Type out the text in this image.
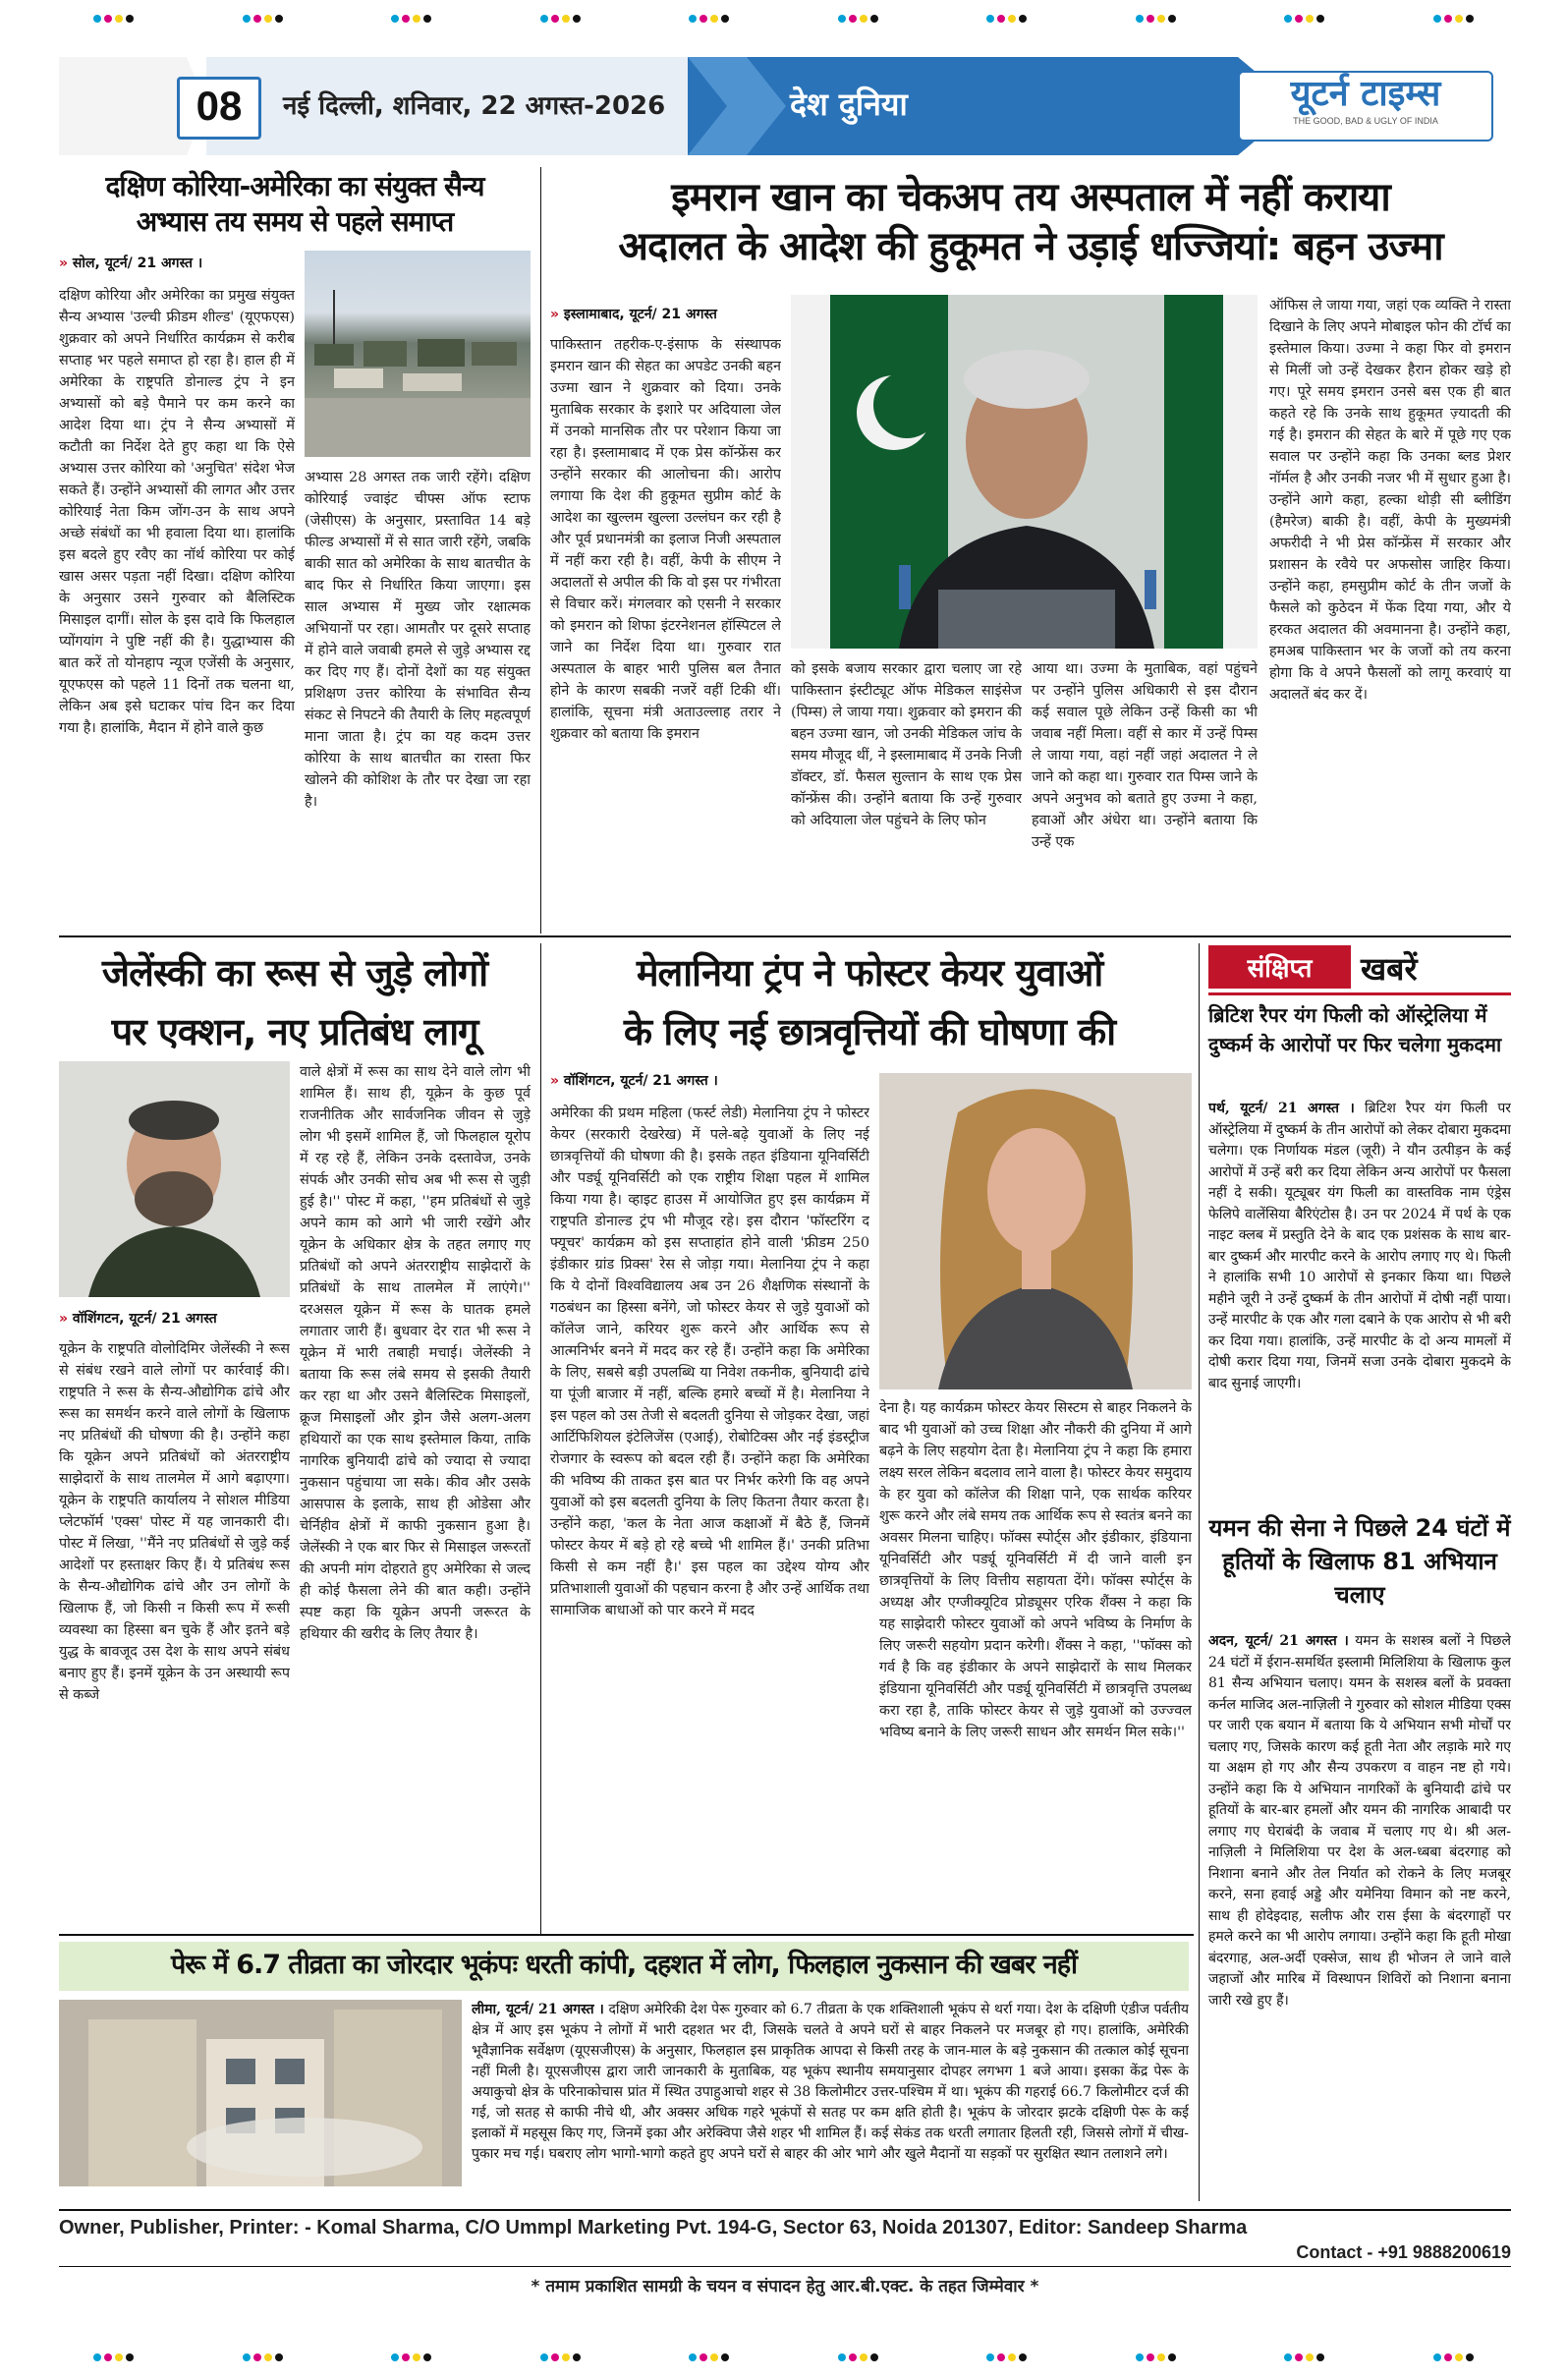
08	नई दिल्ली, शनिवार, 22 अगस्त-2026	देश दुनिया	यूटर्न टाइम्स
THE GOOD, BAD & UGLY OF INDIA
दक्षिण कोरिया-अमेरिका का संयुक्त सैन्य
अभ्यास तय समय से पहले समाप्त
» सोल, यूटर्न/ 21 अगस्त ।
दक्षिण कोरिया और अमेरिका का प्रमुख संयुक्त सैन्य अभ्यास 'उल्ची फ्रीडम शील्ड' (यूएफएस) शुक्रवार को अपने निर्धारित कार्यक्रम से करीब सप्ताह भर पहले समाप्त हो रहा है। हाल ही में अमेरिका के राष्ट्रपति डोनाल्ड ट्रंप ने इन अभ्यासों को बड़े पैमाने पर कम करने का आदेश दिया था। ट्रंप ने सैन्य अभ्यासों में कटौती का निर्देश देते हुए कहा था कि ऐसे अभ्यास उत्तर कोरिया को 'अनुचित' संदेश भेज सकते हैं। उन्होंने अभ्यासों की लागत और उत्तर कोरियाई नेता किम जोंग-उन के साथ अपने अच्छे संबंधों का भी हवाला दिया था। हालांकि इस बदले हुए रवैए का नॉर्थ कोरिया पर कोई खास असर पड़ता नहीं दिखा। दक्षिण कोरिया के अनुसार उसने गुरुवार को बैलिस्टिक मिसाइल दागीं। सोल के इस दावे कि फिलहाल प्योंगयांग ने पुष्टि नहीं की है। युद्धाभ्यास की बात करें तो योनहाप न्यूज एजेंसी के अनुसार, यूएफएस को पहले 11 दिनों तक चलना था, लेकिन अब इसे घटाकर पांच दिन कर दिया गया है। हालांकि, मैदान में होने वाले कुछ
अभ्यास 28 अगस्त तक जारी रहेंगे। दक्षिण कोरियाई ज्वाइंट चीफ्स ऑफ स्टाफ (जेसीएस) के अनुसार, प्रस्तावित 14 बड़े फील्ड अभ्यासों में से सात जारी रहेंगे, जबकि बाकी सात को अमेरिका के साथ बातचीत के बाद फिर से निर्धारित किया जाएगा। इस साल अभ्यास में मुख्य जोर रक्षात्मक अभियानों पर रहा। आमतौर पर दूसरे सप्ताह में होने वाले जवाबी हमले से जुड़े अभ्यास रद्द कर दिए गए हैं। दोनों देशों का यह संयुक्त प्रशिक्षण उत्तर कोरिया के संभावित सैन्य संकट से निपटने की तैयारी के लिए महत्वपूर्ण माना जाता है। ट्रंप का यह कदम उत्तर कोरिया के साथ बातचीत का रास्ता फिर खोलने की कोशिश के तौर पर देखा जा रहा है।
इमरान खान का चेकअप तय अस्पताल में नहीं कराया
अदालत के आदेश की हुकूमत ने उड़ाई धज्जियां: बहन उज्मा
» इस्लामाबाद, यूटर्न/ 21 अगस्त
पाकिस्तान तहरीक-ए-इंसाफ के संस्थापक इमरान खान की सेहत का अपडेट उनकी बहन उज्मा खान ने शुक्रवार को दिया। उनके मुताबिक सरकार के इशारे पर अदियाला जेल में उनको मानसिक तौर पर परेशान किया जा रहा है। इस्लामाबाद में एक प्रेस कॉन्फ्रेंस कर उन्होंने सरकार की आलोचना की। आरोप लगाया कि देश की हुकूमत सुप्रीम कोर्ट के आदेश का खुल्लम खुल्ला उल्लंघन कर रही है और पूर्व प्रधानमंत्री का इलाज निजी अस्पताल में नहीं करा रही है। वहीं, केपी के सीएम ने अदालतों से अपील की कि वो इस पर गंभीरता से विचार करें। मंगलवार को एसनी ने सरकार को इमरान को शिफा इंटरनेशनल हॉस्पिटल ले जाने का निर्देश दिया था। गुरुवार रात अस्पताल के बाहर भारी पुलिस बल तैनात होने के कारण सबकी नजरें वहीं टिकी थीं। हालांकि, सूचना मंत्री अताउल्लाह तरार ने शुक्रवार को बताया कि इमरान
को इसके बजाय सरकार द्वारा चलाए जा रहे पाकिस्तान इंस्टीट्यूट ऑफ मेडिकल साइंसेज (पिम्स) ले जाया गया। शुक्रवार को इमरान की बहन उज्मा खान, जो उनकी मेडिकल जांच के समय मौजूद थीं, ने इस्लामाबाद में उनके निजी डॉक्टर, डॉ. फैसल सुल्तान के साथ एक प्रेस कॉन्फ्रेंस की। उन्होंने बताया कि उन्हें गुरुवार को अदियाला जेल पहुंचने के लिए फोन
आया था। उज्मा के मुताबिक, वहां पहुंचने पर उन्होंने पुलिस अधिकारी से इस दौरान कई सवाल पूछे लेकिन उन्हें किसी का भी जवाब नहीं मिला। वहीं से कार में उन्हें पिम्स ले जाया गया, वहां नहीं जहां अदालत ने ले जाने को कहा था। गुरुवार रात पिम्स जाने के अपने अनुभव को बताते हुए उज्मा ने कहा, हवाओं और अंधेरा था। उन्होंने बताया कि उन्हें एक
ऑफिस ले जाया गया, जहां एक व्यक्ति ने रास्ता दिखाने के लिए अपने मोबाइल फोन की टॉर्च का इस्तेमाल किया। उज्मा ने कहा फिर वो इमरान से मिलीं जो उन्हें देखकर हैरान होकर खड़े हो गए। पूरे समय इमरान उनसे बस एक ही बात कहते रहे कि उनके साथ हुकूमत ज़्यादती की गई है। इमरान की सेहत के बारे में पूछे गए एक सवाल पर उन्होंने कहा कि उनका ब्लड प्रेशर नॉर्मल है और उनकी नजर भी में सुधार हुआ है। उन्होंने आगे कहा, हल्का थोड़ी सी ब्लीडिंग (हैमरेज) बाकी है। वहीं, केपी के मुख्यमंत्री अफरीदी ने भी प्रेस कॉन्फ्रेंस में सरकार और प्रशासन के रवैये पर अफसोस जाहिर किया। उन्होंने कहा, हमसुप्रीम कोर्ट के तीन जजों के फैसले को कुठेदन में फेंक दिया गया, और ये हरकत अदालत की अवमानना है। उन्होंने कहा, हमअब पाकिस्तान भर के जजों को तय करना होगा कि वे अपने फैसलों को लागू करवाएं या अदालतें बंद कर दें।
जेलेंस्की का रूस से जुड़े लोगों
पर एक्शन, नए प्रतिबंध लागू
» वॉशिंगटन, यूटर्न/ 21 अगस्त
यूक्रेन के राष्ट्रपति वोलोदिमिर जेलेंस्की ने रूस से संबंध रखने वाले लोगों पर कार्रवाई की। राष्ट्रपति ने रूस के सैन्य-औद्योगिक ढांचे और रूस का समर्थन करने वाले लोगों के खिलाफ नए प्रतिबंधों की घोषणा की है। उन्होंने कहा कि यूक्रेन अपने प्रतिबंधों को अंतरराष्ट्रीय साझेदारों के साथ तालमेल में आगे बढ़ाएगा। यूक्रेन के राष्ट्रपति कार्यालय ने सोशल मीडिया प्लेटफॉर्म 'एक्स' पोस्ट में यह जानकारी दी। पोस्ट में लिखा, ''मैंने नए प्रतिबंधों से जुड़े कई आदेशों पर हस्ताक्षर किए हैं। ये प्रतिबंध रूस के सैन्य-औद्योगिक ढांचे और उन लोगों के खिलाफ हैं, जो किसी न किसी रूप में रूसी व्यवस्था का हिस्सा बन चुके हैं और इतने बड़े युद्ध के बावजूद उस देश के साथ अपने संबंध बनाए हुए हैं। इनमें यूक्रेन के उन अस्थायी रूप से कब्जे
वाले क्षेत्रों में रूस का साथ देने वाले लोग भी शामिल हैं। साथ ही, यूक्रेन के कुछ पूर्व राजनीतिक और सार्वजनिक जीवन से जुड़े लोग भी इसमें शामिल हैं, जो फिलहाल यूरोप में रह रहे हैं, लेकिन उनके दस्तावेज, उनके संपर्क और उनकी सोच अब भी रूस से जुड़ी हुई है।'' पोस्ट में कहा, ''हम प्रतिबंधों से जुड़े अपने काम को आगे भी जारी रखेंगे और यूक्रेन के अधिकार क्षेत्र के तहत लगाए गए प्रतिबंधों को अपने अंतरराष्ट्रीय साझेदारों के प्रतिबंधों के साथ तालमेल में लाएंगे।'' दरअसल यूक्रेन में रूस के घातक हमले लगातार जारी हैं। बुधवार देर रात भी रूस ने यूक्रेन में भारी तबाही मचाई। जेलेंस्की ने बताया कि रूस लंबे समय से इसकी तैयारी कर रहा था और उसने बैलिस्टिक मिसाइलों, क्रूज मिसाइलों और ड्रोन जैसे अलग-अलग हथियारों का एक साथ इस्तेमाल किया, ताकि नागरिक बुनियादी ढांचे को ज्यादा से ज्यादा नुकसान पहुंचाया जा सके। कीव और उसके आसपास के इलाके, साथ ही ओडेसा और चेर्निहीव क्षेत्रों में काफी नुकसान हुआ है। जेलेंस्की ने एक बार फिर से मिसाइल जरूरतों की अपनी मांग दोहराते हुए अमेरिका से जल्द ही कोई फैसला लेने की बात कही। उन्होंने स्पष्ट कहा कि यूक्रेन अपनी जरूरत के हथियार की खरीद के लिए तैयार है।
मेलानिया ट्रंप ने फोस्टर केयर युवाओं
के लिए नई छात्रवृत्तियों की घोषणा की
» वॉशिंगटन, यूटर्न/ 21 अगस्त ।
अमेरिका की प्रथम महिला (फर्स्ट लेडी) मेलानिया ट्रंप ने फोस्टर केयर (सरकारी देखरेख) में पले-बढ़े युवाओं के लिए नई छात्रवृत्तियों की घोषणा की है। इसके तहत इंडियाना यूनिवर्सिटी और पर्ड्यू यूनिवर्सिटी को एक राष्ट्रीय शिक्षा पहल में शामिल किया गया है। व्हाइट हाउस में आयोजित हुए इस कार्यक्रम में राष्ट्रपति डोनाल्ड ट्रंप भी मौजूद रहे। इस दौरान 'फॉस्टरिंग द फ्यूचर' कार्यक्रम को इस सप्ताहांत होने वाली 'फ्रीडम 250 इंडीकार ग्रांड प्रिक्स' रेस से जोड़ा गया। मेलानिया ट्रंप ने कहा कि ये दोनों विश्वविद्यालय अब उन 26 शैक्षणिक संस्थानों के गठबंधन का हिस्सा बनेंगे, जो फोस्टर केयर से जुड़े युवाओं को कॉलेज जाने, करियर शुरू करने और आर्थिक रूप से आत्मनिर्भर बनने में मदद कर रहे हैं। उन्होंने कहा कि अमेरिका के लिए, सबसे बड़ी उपलब्धि या निवेश तकनीक, बुनियादी ढांचे या पूंजी बाजार में नहीं, बल्कि हमारे बच्चों में है। मेलानिया ने इस पहल को उस तेजी से बदलती दुनिया से जोड़कर देखा, जहां आर्टिफिशियल इंटेलिजेंस (एआई), रोबोटिक्स और नई इंडस्ट्रीज रोजगार के स्वरूप को बदल रही हैं। उन्होंने कहा कि अमेरिका की भविष्य की ताकत इस बात पर निर्भर करेगी कि वह अपने युवाओं को इस बदलती दुनिया के लिए कितना तैयार करता है। उन्होंने कहा, 'कल के नेता आज कक्षाओं में बैठे हैं, जिनमें फोस्टर केयर में बड़े हो रहे बच्चे भी शामिल हैं।' उनकी प्रतिभा किसी से कम नहीं है।' इस पहल का उद्देश्य योग्य और प्रतिभाशाली युवाओं की पहचान करना है और उन्हें आर्थिक तथा सामाजिक बाधाओं को पार करने में मदद
देना है। यह कार्यक्रम फोस्टर केयर सिस्टम से बाहर निकलने के बाद भी युवाओं को उच्च शिक्षा और नौकरी की दुनिया में आगे बढ़ने के लिए सहयोग देता है। मेलानिया ट्रंप ने कहा कि हमारा लक्ष्य सरल लेकिन बदलाव लाने वाला है। फोस्टर केयर समुदाय के हर युवा को कॉलेज की शिक्षा पाने, एक सार्थक करियर शुरू करने और लंबे समय तक आर्थिक रूप से स्वतंत्र बनने का अवसर मिलना चाहिए। फॉक्स स्पोर्ट्स और इंडीकार, इंडियाना यूनिवर्सिटी और पर्ड्यू यूनिवर्सिटी में दी जाने वाली इन छात्रवृत्तियों के लिए वित्तीय सहायता देंगे। फॉक्स स्पोर्ट्स के अध्यक्ष और एग्जीक्यूटिव प्रोड्यूसर एरिक शैंक्स ने कहा कि यह साझेदारी फोस्टर युवाओं को अपने भविष्य के निर्माण के लिए जरूरी सहयोग प्रदान करेगी। शैंक्स ने कहा, ''फॉक्स को गर्व है कि वह इंडीकार के अपने साझेदारों के साथ मिलकर इंडियाना यूनिवर्सिटी और पर्ड्यू यूनिवर्सिटी में छात्रवृत्ति उपलब्ध करा रहा है, ताकि फोस्टर केयर से जुड़े युवाओं को उज्ज्वल भविष्य बनाने के लिए जरूरी साधन और समर्थन मिल सके।''
पेरू में 6.7 तीव्रता का जोरदार भूकंपः धरती कांपी, दहशत में लोग, फिलहाल नुकसान की खबर नहीं
लीमा, यूटर्न/ 21 अगस्त । दक्षिण अमेरिकी देश पेरू गुरुवार को 6.7 तीव्रता के एक शक्तिशाली भूकंप से थर्रा गया। देश के दक्षिणी एंडीज पर्वतीय क्षेत्र में आए इस भूकंप ने लोगों में भारी दहशत भर दी, जिसके चलते वे अपने घरों से बाहर निकलने पर मजबूर हो गए। हालांकि, अमेरिकी भूवैज्ञानिक सर्वेक्षण (यूएसजीएस) के अनुसार, फिलहाल इस प्राकृतिक आपदा से किसी तरह के जान-माल के बड़े नुकसान की तत्काल कोई सूचना नहीं मिली है। यूएसजीएस द्वारा जारी जानकारी के मुताबिक, यह भूकंप स्थानीय समयानुसार दोपहर लगभग 1 बजे आया। इसका केंद्र पेरू के अयाकुचो क्षेत्र के परिनाकोचास प्रांत में स्थित उपाहुआचो शहर से 38 किलोमीटर उत्तर-पश्चिम में था। भूकंप की गहराई 66.7 किलोमीटर दर्ज की गई, जो सतह से काफी नीचे थी, और अक्सर अधिक गहरे भूकंपों से सतह पर कम क्षति होती है। भूकंप के जोरदार झटके दक्षिणी पेरू के कई इलाकों में महसूस किए गए, जिनमें इका और अरेक्विपा जैसे शहर भी शामिल हैं। कई सेकंड तक धरती लगातार हिलती रही, जिससे लोगों में चीख-पुकार मच गई। घबराए लोग भागो-भागो कहते हुए अपने घरों से बाहर की ओर भागे और खुले मैदानों या सड़कों पर सुरक्षित स्थान तलाशने लगे।
संक्षिप्त	खबरें
ब्रिटिश रैपर यंग फिली को ऑस्ट्रेलिया में दुष्कर्म के आरोपों पर फिर चलेगा मुकदमा
पर्थ, यूटर्न/ 21 अगस्त । ब्रिटिश रैपर यंग फिली पर ऑस्ट्रेलिया में दुष्कर्म के तीन आरोपों को लेकर दोबारा मुकदमा चलेगा। एक निर्णायक मंडल (जूरी) ने यौन उत्पीड़न के कई आरोपों में उन्हें बरी कर दिया लेकिन अन्य आरोपों पर फैसला नहीं दे सकी। यूट्यूबर यंग फिली का वास्तविक नाम एंड्रेस फेलिपे वालेंसिया बैरिएंटोस है। उन पर 2024 में पर्थ के एक नाइट क्लब में प्रस्तुति देने के बाद एक प्रशंसक के साथ बार-बार दुष्कर्म और मारपीट करने के आरोप लगाए गए थे। फिली ने हालांकि सभी 10 आरोपों से इनकार किया था। पिछले महीने जूरी ने उन्हें दुष्कर्म के तीन आरोपों में दोषी नहीं पाया। उन्हें मारपीट के एक और गला दबाने के एक आरोप से भी बरी कर दिया गया। हालांकि, उन्हें मारपीट के दो अन्य मामलों में दोषी करार दिया गया, जिनमें सजा उनके दोबारा मुकदमे के बाद सुनाई जाएगी।
यमन की सेना ने पिछले 24 घंटों में हूतियों के खिलाफ 81 अभियान चलाए
अदन, यूटर्न/ 21 अगस्त । यमन के सशस्त्र बलों ने पिछले 24 घंटों में ईरान-समर्थित इस्लामी मिलिशिया के खिलाफ कुल 81 सैन्य अभियान चलाए। यमन के सशस्त्र बलों के प्रवक्ता कर्नल माजिद अल-नाज़िली ने गुरुवार को सोशल मीडिया एक्स पर जारी एक बयान में बताया कि ये अभियान सभी मोर्चों पर चलाए गए, जिसके कारण कई हूती नेता और लड़ाके मारे गए या अक्षम हो गए और सैन्य उपकरण व वाहन नष्ट हो गये। उन्होंने कहा कि ये अभियान नागरिकों के बुनियादी ढांचे पर हूतियों के बार-बार हमलों और यमन की नागरिक आबादी पर लगाए गए घेराबंदी के जवाब में चलाए गए थे। श्री अल-नाज़िली ने मिलिशिया पर देश के अल-ध्बबा बंदरगाह को निशाना बनाने और तेल निर्यात को रोकने के लिए मजबूर करने, सना हवाई अड्डे और यमेनिया विमान को नष्ट करने, साथ ही होदेइदाह, सलीफ और रास ईसा के बंदरगाहों पर हमले करने का भी आरोप लगाया। उन्होंने कहा कि हूती मोखा बंदरगाह, अल-अर्दी एक्सेज, साथ ही भोजन ले जाने वाले जहाजों और मारिब में विस्थापन शिविरों को निशाना बनाना जारी रखे हुए हैं।
Owner, Publisher, Printer: - Komal Sharma, C/O Ummpl Marketing Pvt. 194-G, Sector 63, Noida 201307, Editor: Sandeep Sharma
Contact - +91 9888200619
* तमाम प्रकाशित सामग्री के चयन व संपादन हेतु आर.बी.एक्ट. के तहत जिम्मेवार *
